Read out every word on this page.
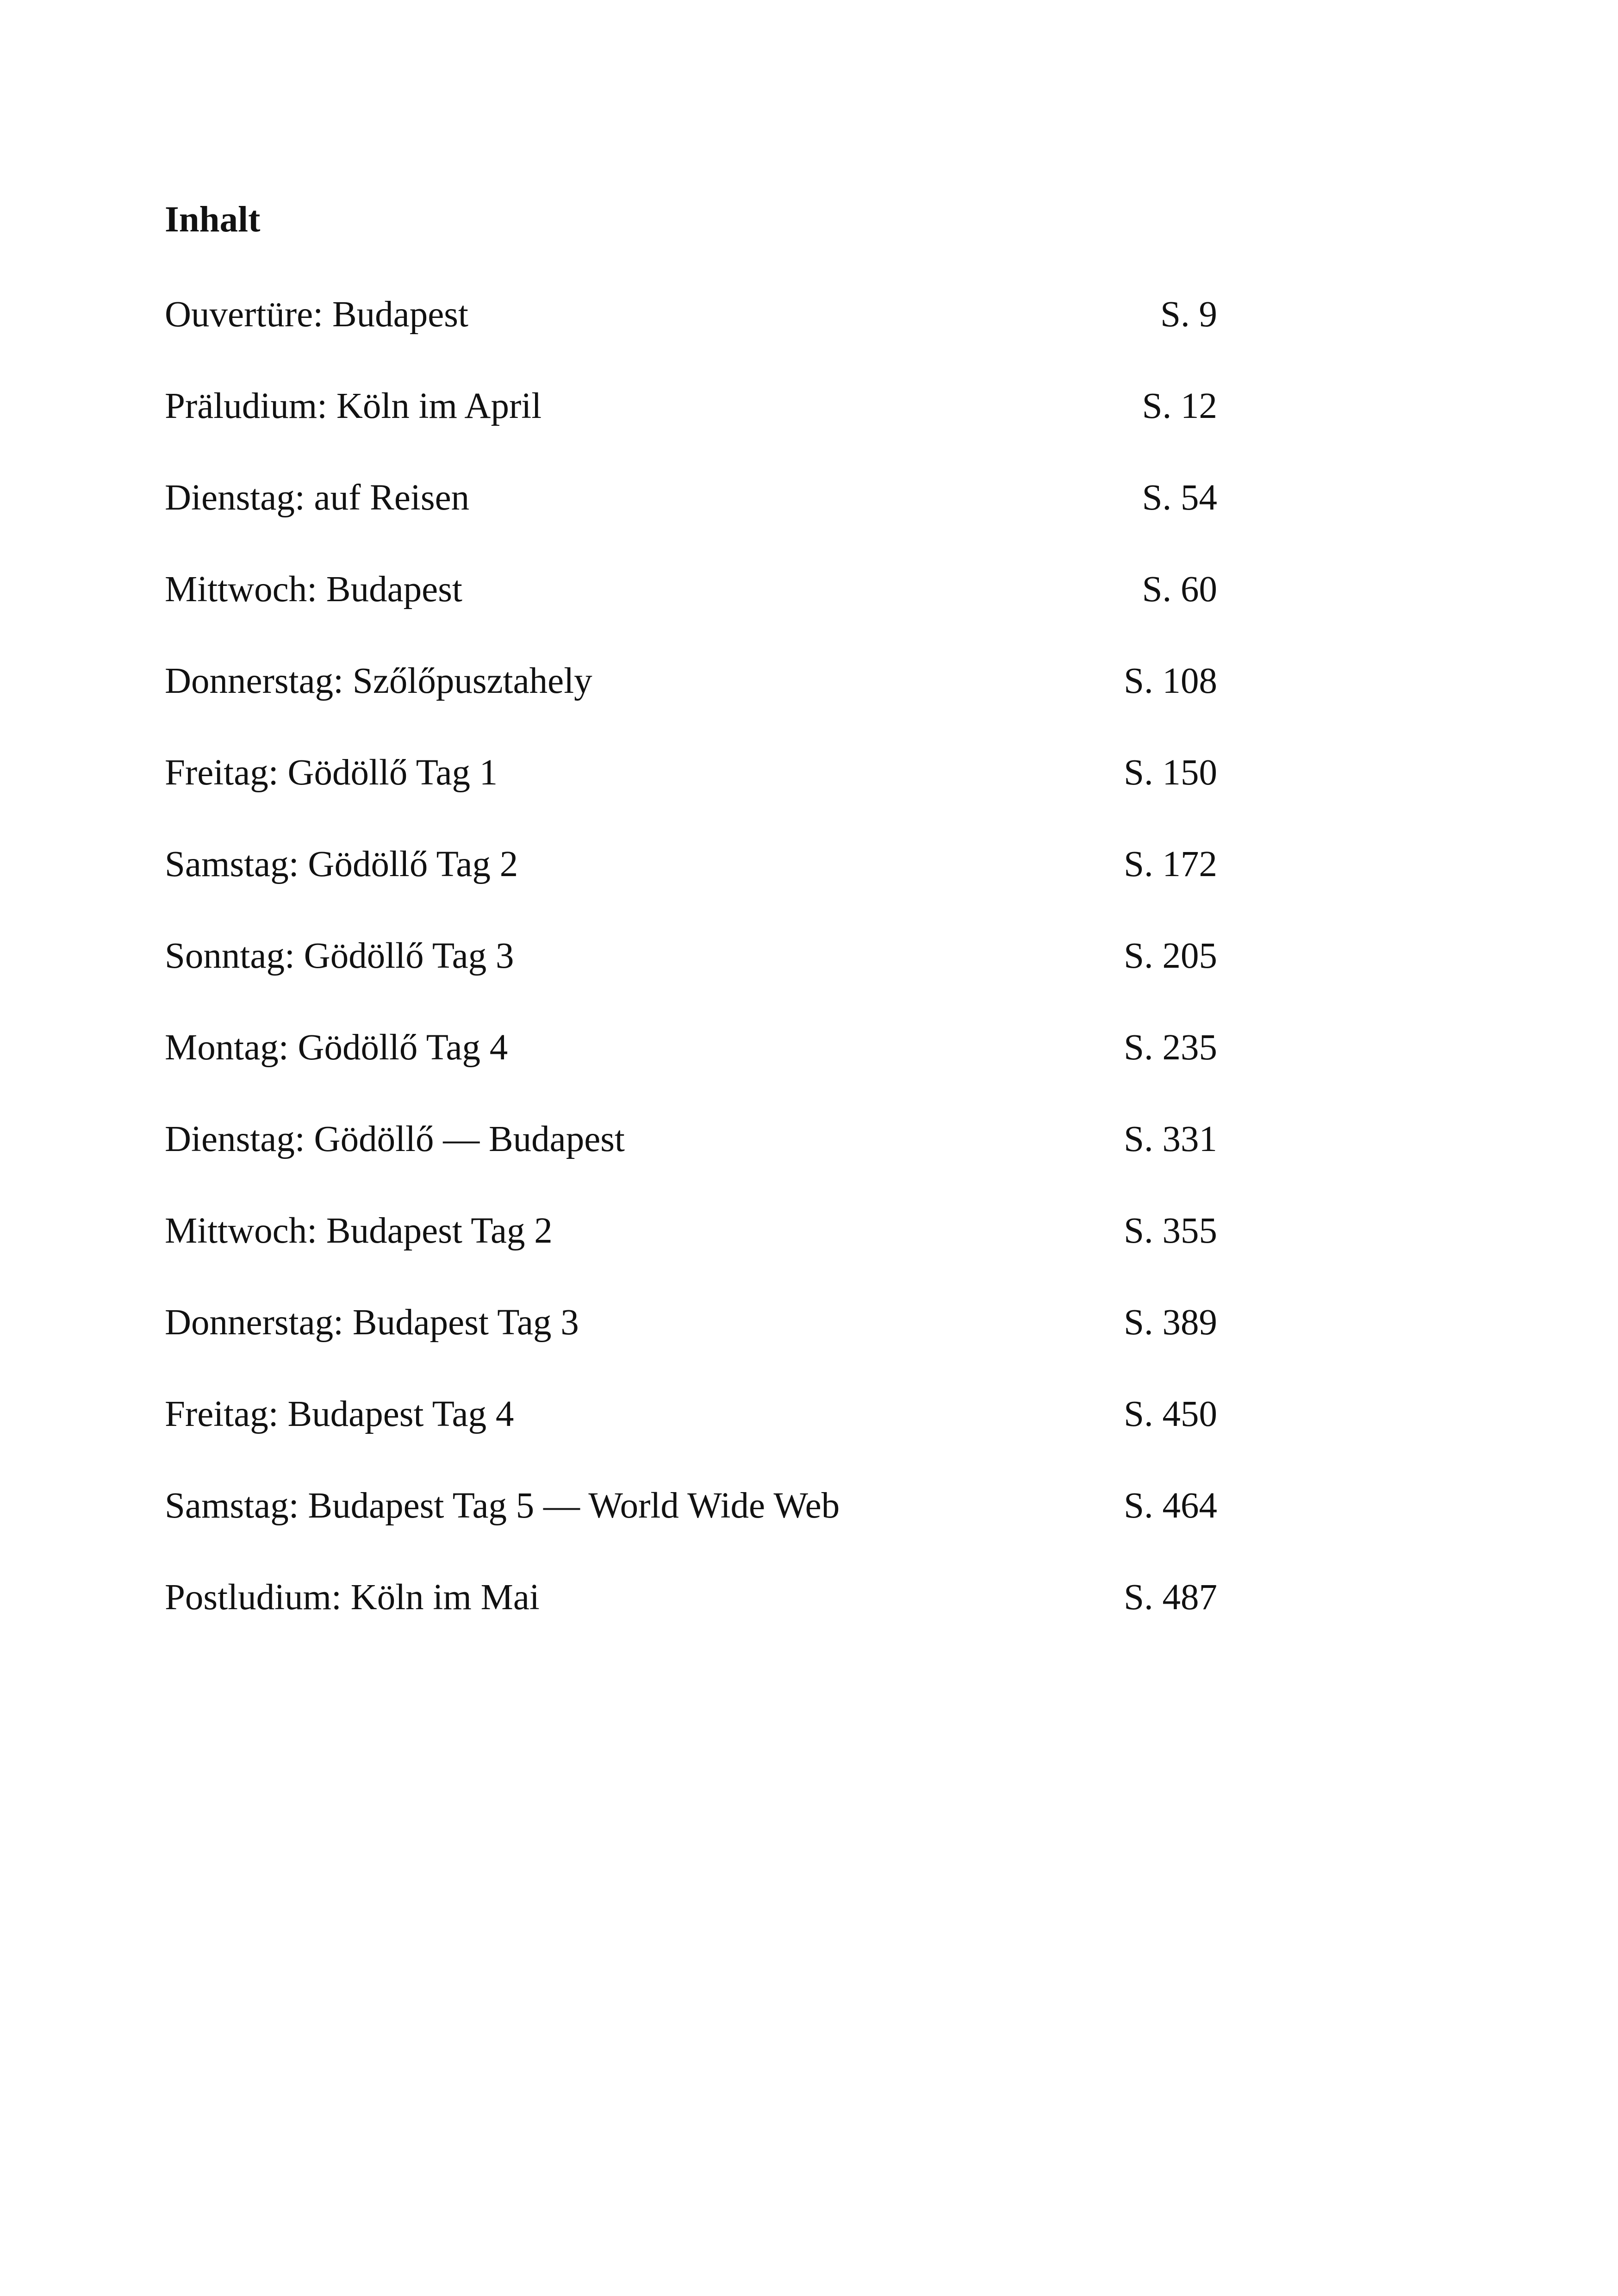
Inhalt
Ouvertüre: Budapest	S. 9
Präludium: Köln im April	S. 12
Dienstag: auf Reisen	S. 54
Mittwoch: Budapest	S. 60
Donnerstag: Szőlőpusztahely	S. 108
Freitag: Gödöllő Tag 1	S. 150
Samstag: Gödöllő Tag 2	S. 172
Sonntag: Gödöllő Tag 3	S. 205
Montag: Gödöllő Tag 4	S. 235
Dienstag: Gödöllő — Budapest	S. 331
Mittwoch: Budapest Tag 2	S. 355
Donnerstag: Budapest Tag 3	S. 389
Freitag: Budapest Tag 4	S. 450
Samstag: Budapest Tag 5 — World Wide Web	S. 464
Postludium: Köln im Mai	S. 487
